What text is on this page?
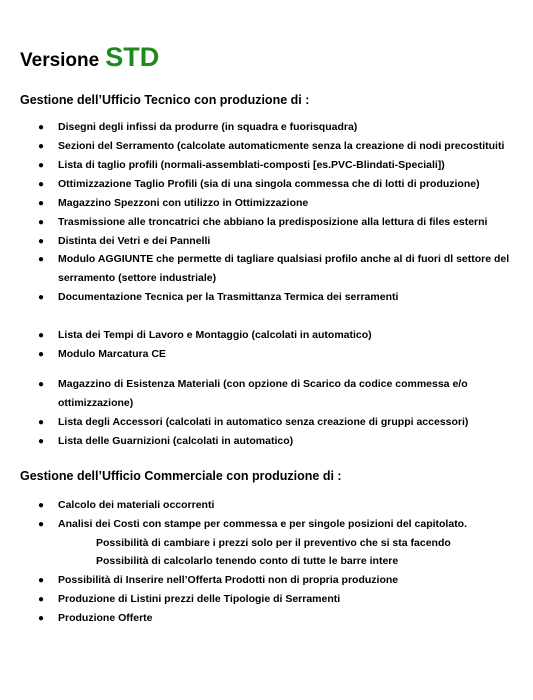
Versione STD
Gestione dell’Ufficio Tecnico con produzione di :
● Disegni degli infissi da produrre (in squadra e fuorisquadra)
● Sezioni del Serramento (calcolate automaticmente senza la creazione di nodi precostituiti
● Lista di taglio profili (normali-assemblati-composti [es.PVC-Blindati-Speciali])
● Ottimizzazione Taglio Profili (sia di una singola commessa che di lotti di produzione)
● Magazzino Spezzoni con utilizzo in Ottimizzazione
● Trasmissione alle troncatrici che abbiano la predisposizione alla lettura di files esterni
● Distinta dei Vetri e dei Pannelli
● Modulo AGGIUNTE che permette di tagliare qualsiasi profilo anche al di fuori dl settore del serramento (settore industriale)
● Documentazione Tecnica per la Trasmittanza Termica dei serramenti
● Lista dei Tempi di Lavoro e Montaggio (calcolati in automatico)
● Modulo Marcatura CE
● Magazzino di Esistenza Materiali (con opzione di Scarico da codice commessa e/o ottimizzazione)
● Lista degli Accessori (calcolati in automatico senza creazione di gruppi accessori)
● Lista delle Guarnizioni (calcolati in automatico)
Gestione dell’Ufficio Commerciale con produzione di :
● Calcolo dei materiali occorrenti
● Analisi dei Costi con stampe per commessa e per singole posizioni del capitolato.
● Possibilità di Inserire nell’Offerta Prodotti non di propria produzione
● Produzione di Listini prezzi delle Tipologie di Serramenti
● Produzione Offerte
Possibilità di cambiare i prezzi solo per il preventivo che si sta facendo
Possibilità di calcolarlo tenendo conto di tutte le barre intere
